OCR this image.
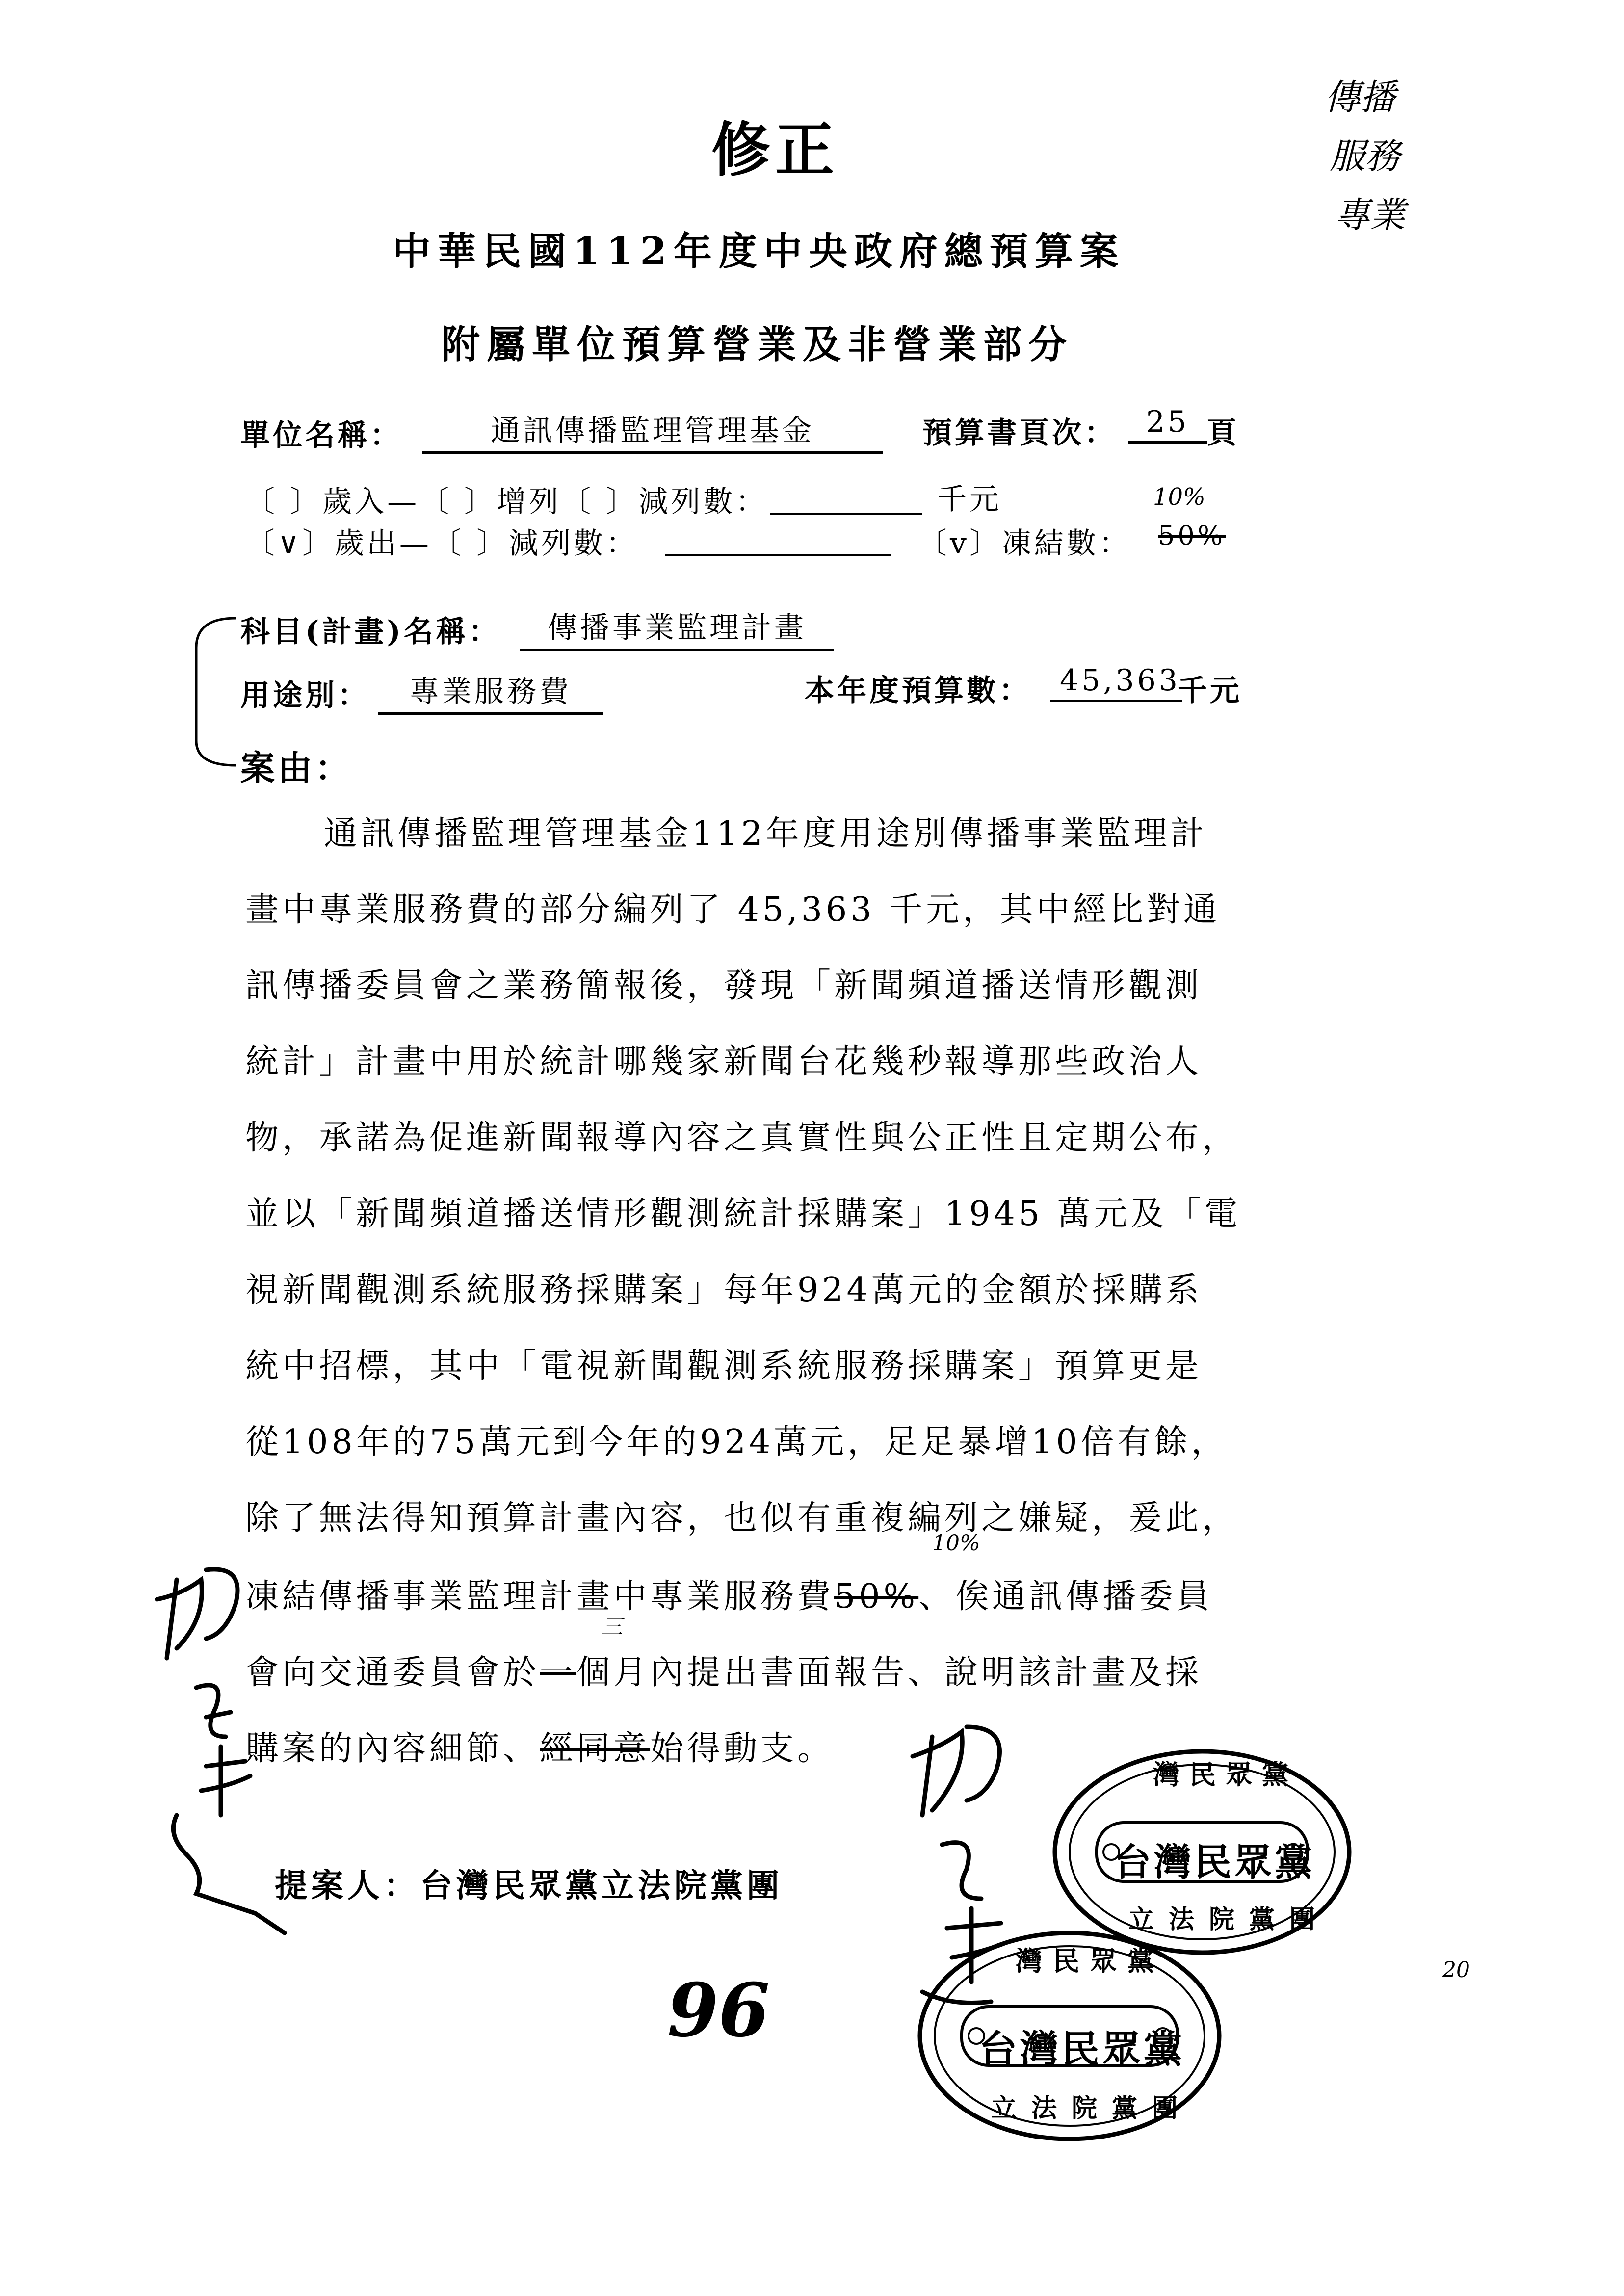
修正
中華民國112年度中央政府總預算案
附屬單位預算營業及非營業部分
傳播
服務
專業
單位名稱：	通訊傳播監理管理基金	預算書頁次： 25 頁
〔 〕歲入—〔 〕增列〔 〕減列數：	千元	10%
〔∨〕歲出—〔 〕減列數：	〔v〕凍結數： 50%
科目(計畫)名稱：	傳播事業監理計畫
用途別：	專業服務費	本年度預算數： 45,363
千元
案由：
通訊傳播監理管理基金112年度用途別傳播事業監理計
畫中專業服務費的部分編列了 45,363 千元，其中經比對通
訊傳播委員會之業務簡報後，發現「新聞頻道播送情形觀測
統計」計畫中用於統計哪幾家新聞台花幾秒報導那些政治人
物，承諾為促進新聞報導內容之真實性與公正性且定期公布，
並以「新聞頻道播送情形觀測統計採購案」1945 萬元及「電
視新聞觀測系統服務採購案」每年924萬元的金額於採購系
統中招標，其中「電視新聞觀測系統服務採購案」預算更是
從108年的75萬元到今年的924萬元，足足暴增10倍有餘，
除了無法得知預算計畫內容，也似有重複編列之嫌疑，爰此，
10%
凍結傳播事業監理計畫中專業服務費50%、俟通訊傳播委員
三
會向交通委員會於一個月內提出書面報告、說明該計畫及採
購案的內容細節、經同意始得動支。
提案人：台灣民眾黨立法院黨團
灣民眾黨
台灣民眾黨
立法院黨團
灣民眾黨
台灣民眾黨
立法院黨團
96	20
